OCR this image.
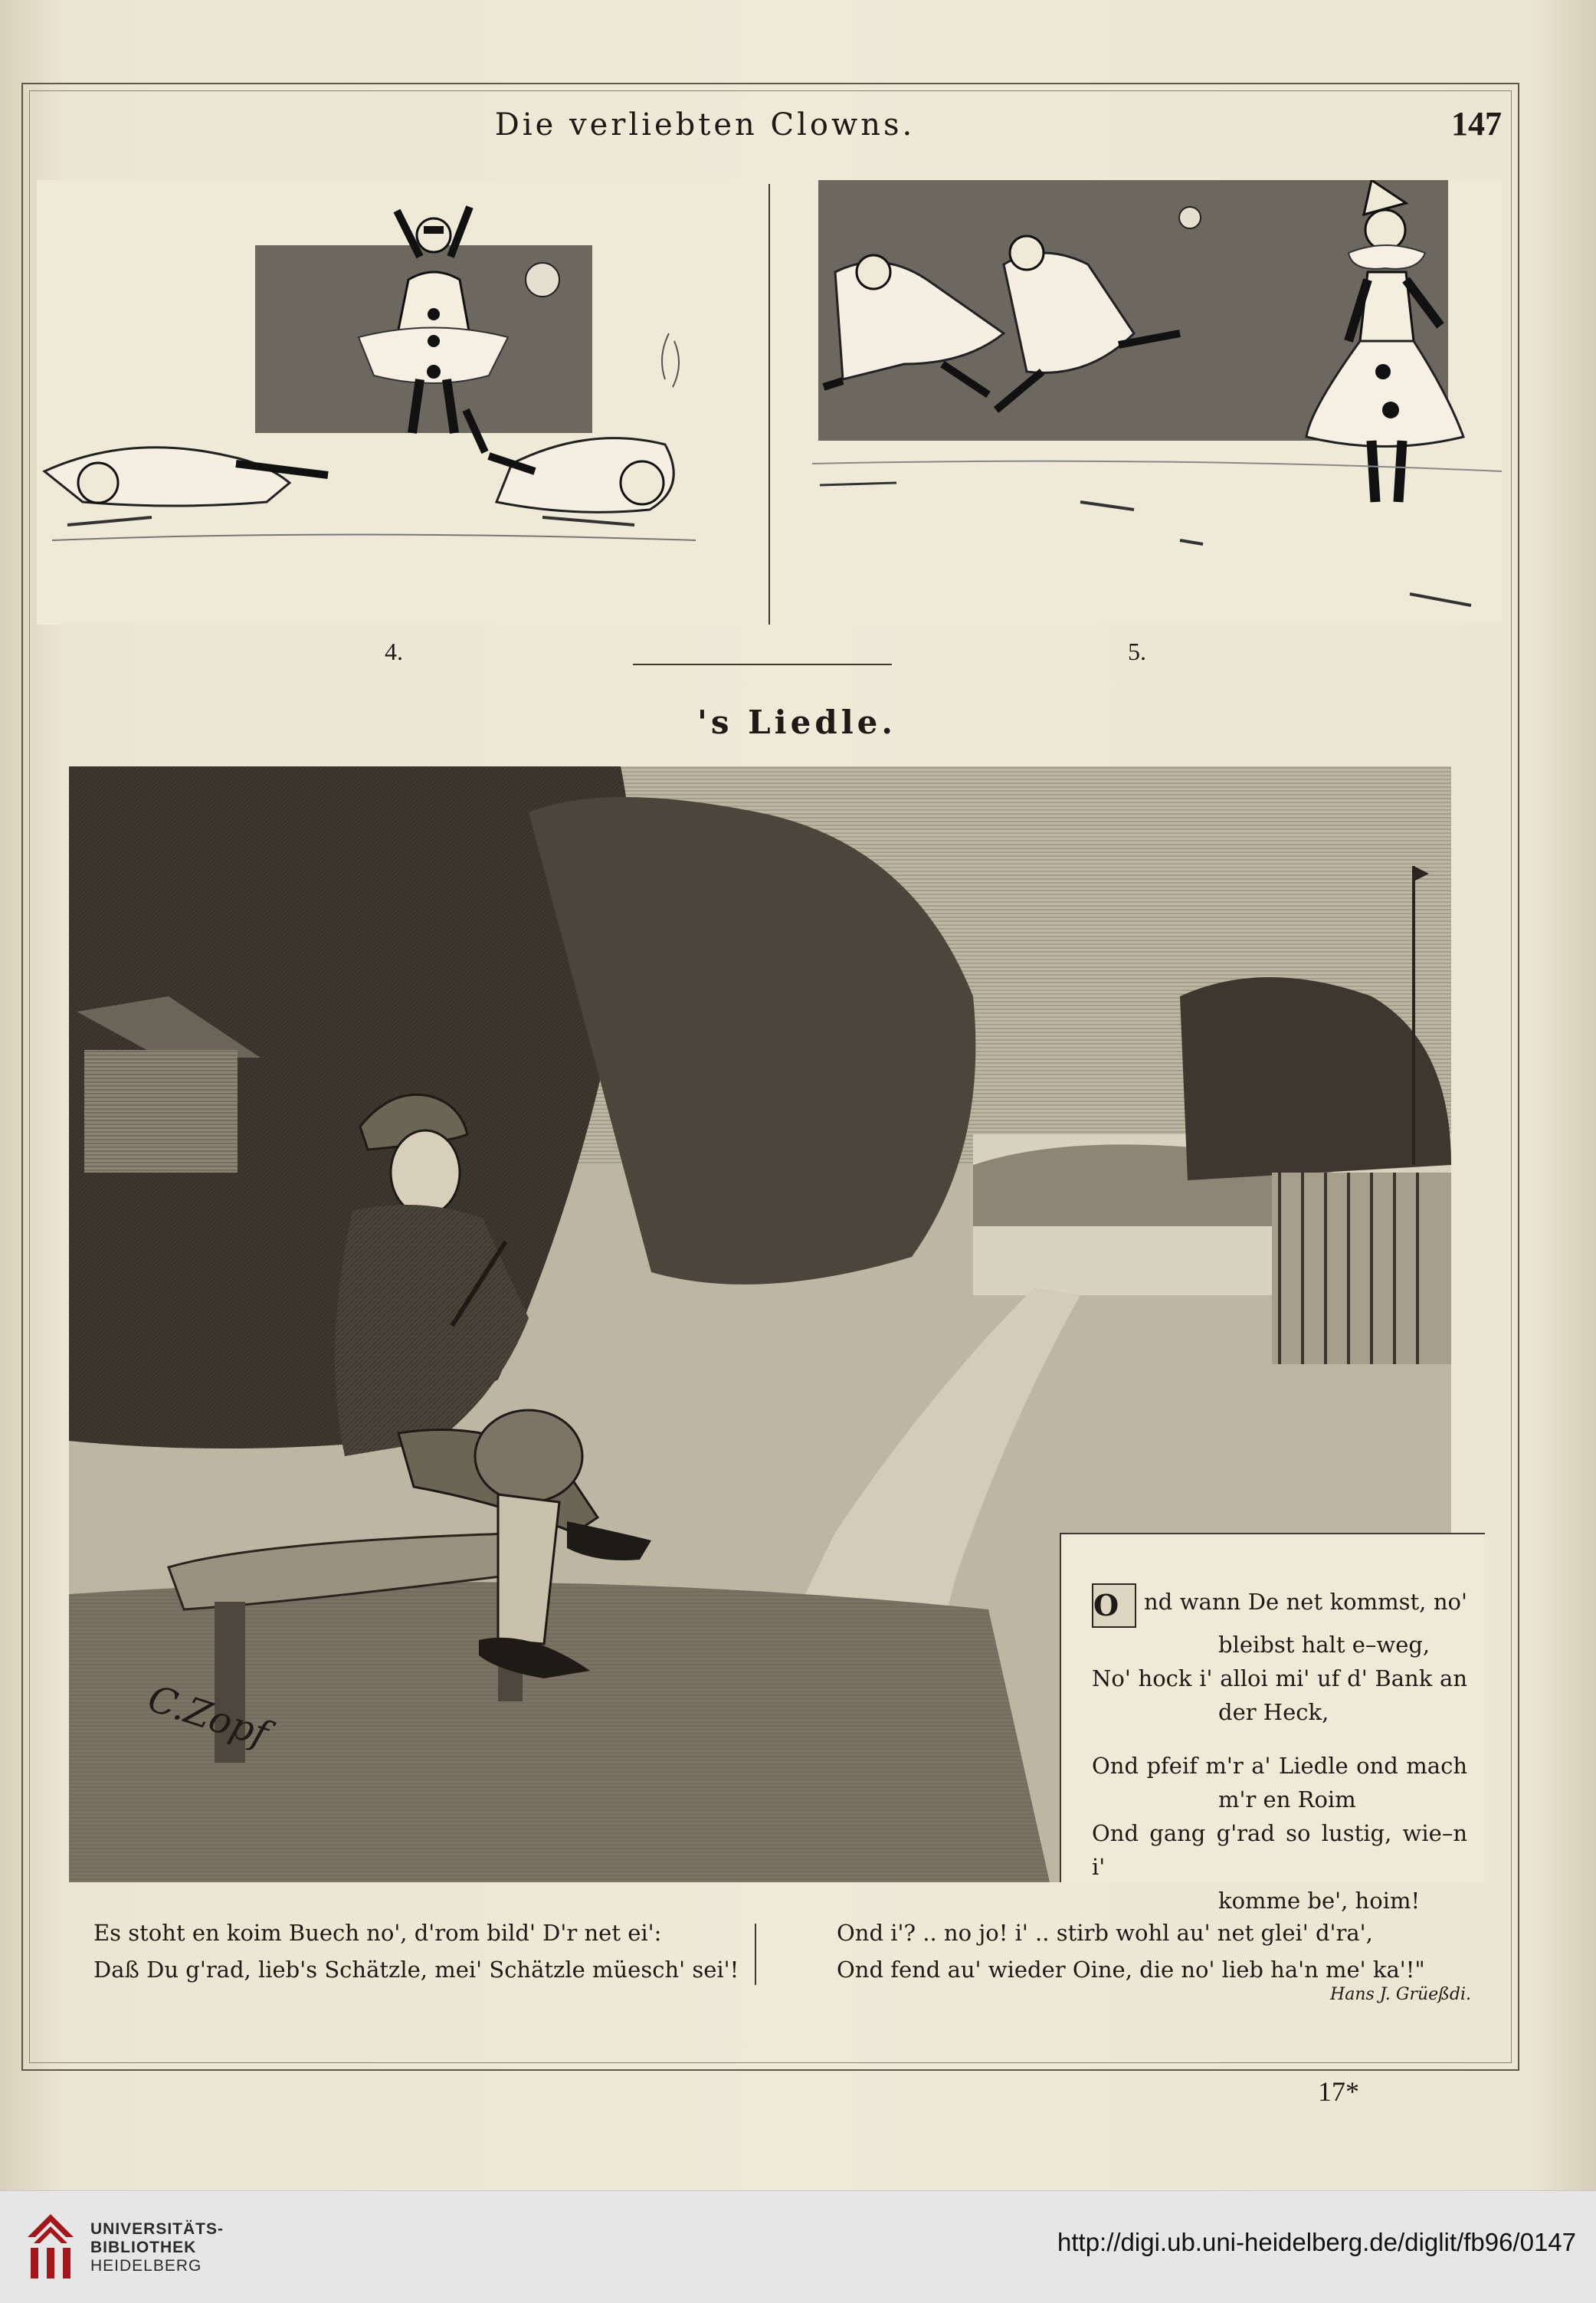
Die verliebten Clowns.	147
4.	5.
's Liedle.
C.Zopf
O nd wann De net kommst, no'
bleibst halt e–weg,
No' hock i' alloi mi' uf d' Bank an
der Heck,
Ond pfeif m'r a' Liedle ond mach
m'r en Roim
Ond gang g'rad so lustig, wie–n i'
komme be', hoim!
Es stoht en koim Buech no', d'rom bild' D'r net ei':
Daß Du g'rad, lieb's Schätzle, mei' Schätzle müesch' sei'!
Ond i'? .. no jo! i' .. stirb wohl au' net glei' d'ra',
Ond fend au' wieder Oine, die no' lieb ha'n me' ka'!"
Hans J. Grüeßdi.
17*
UNIVERSITÄTS-
BIBLIOTHEK
HEIDELBERG
http://digi.ub.uni-heidelberg.de/diglit/fb96/0147
